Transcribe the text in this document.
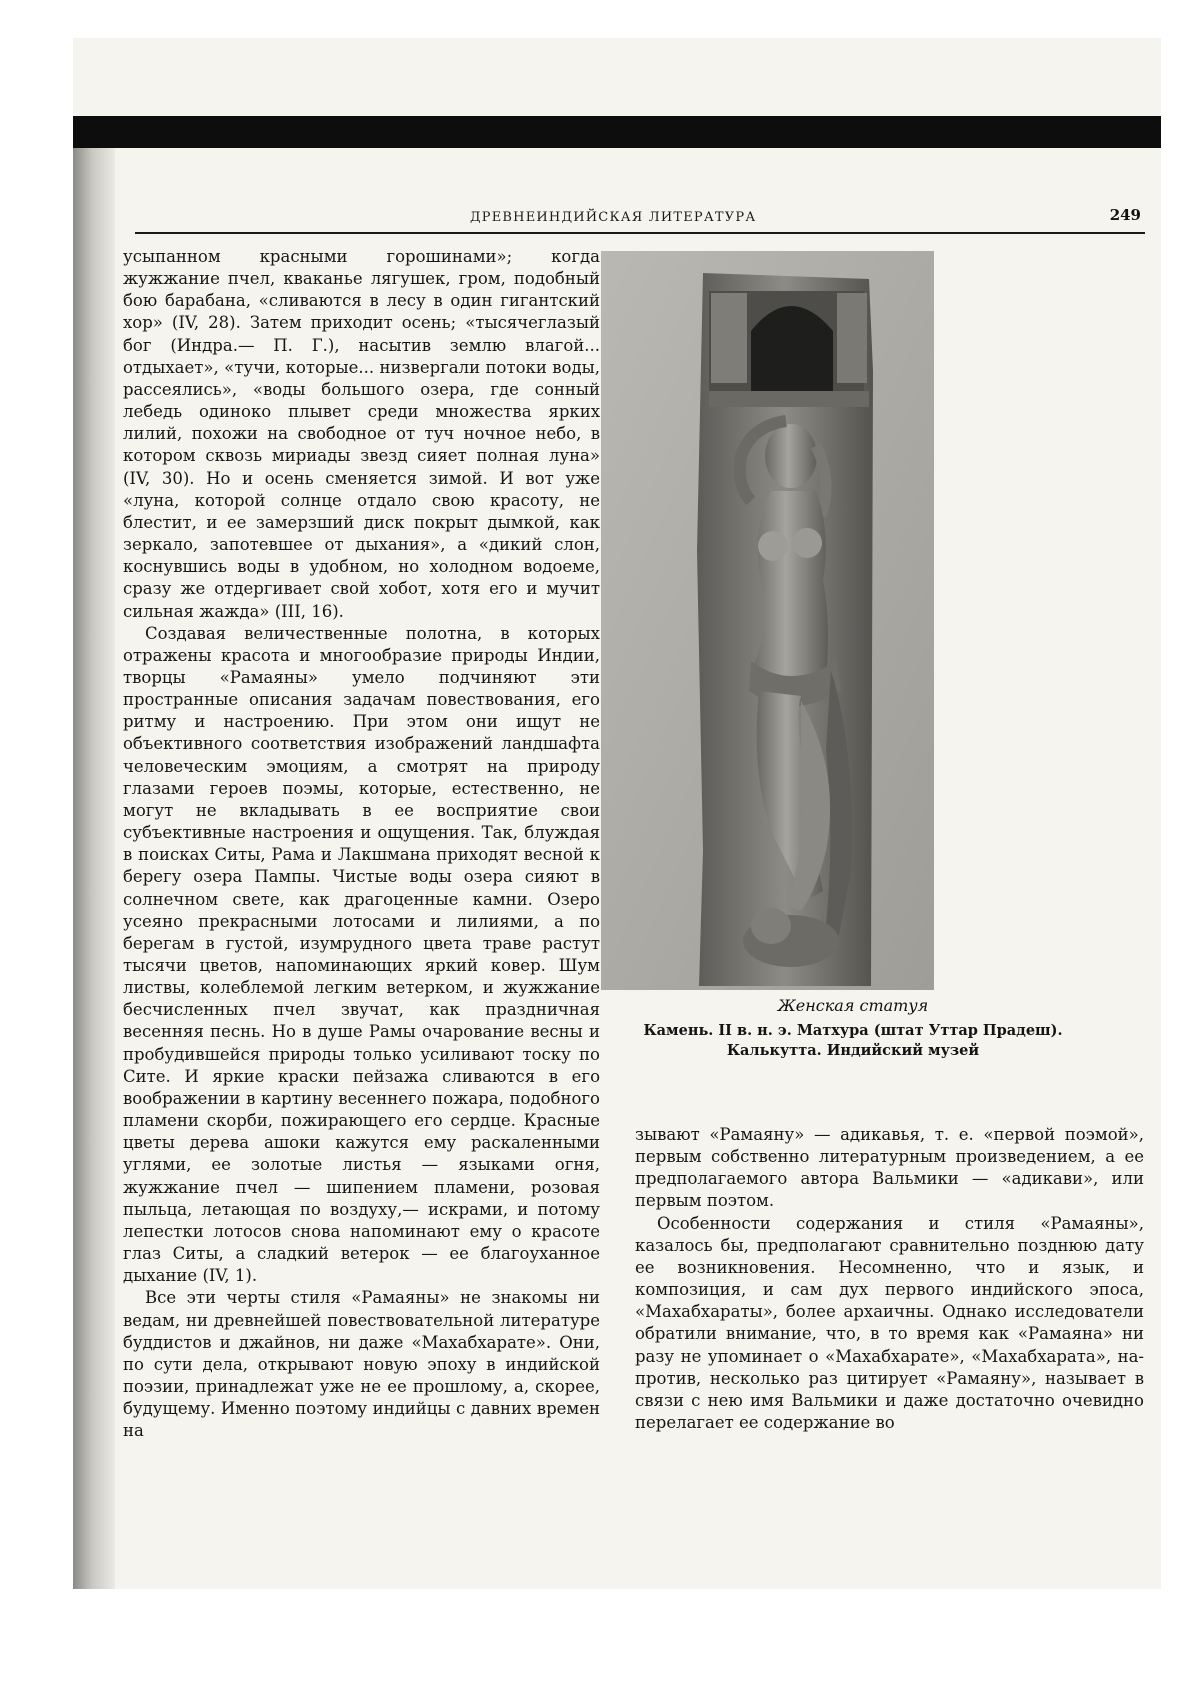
ДРЕВНЕИНДИЙСКАЯ ЛИТЕРАТУРА	249

усыпанном красными горошинами»; когда жужжание пчел, кваканье лягушек, гром, подобный бою барабана, «сливаются в лесу в один гигантский хор» (IV, 28). Затем приходит осень; «тысячеглазый бог (Индра.— П. Г.), насытив землю влагой... отдыхает», «тучи, которые... низвергали потоки воды, рассеялись», «воды большого озера, где сонный лебедь одиноко плывет среди множества ярких лилий, похожи на свободное от туч ночное небо, в котором сквозь мириады звезд сияет полная луна» (IV, 30). Но и осень сменяется зимой. И вот уже «луна, которой солнце отдало свою красоту, не блестит, и ее замерзший диск покрыт дымкой, как зеркало, запотевшее от дыхания», а «дикий слон, коснувшись воды в удобном, но холодном водоеме, сразу же отдергивает свой хобот, хотя его и мучит сильная жажда» (III, 16).

Создавая величественные полотна, в которых отражены красота и многообразие природы Индии, творцы «Рамаяны» умело подчиняют эти пространные описания задачам повествования, его ритму и настроению. При этом они ищут не объективного соответствия изображений ландшафта человеческим эмоциям, а смотрят на природу глазами героев поэмы, которые, естественно, не могут не вкладывать в ее восприятие свои субъективные настроения и ощущения. Так, блуждая в поисках Ситы, Рама и Лакшмана приходят весной к берегу озера Пампы. Чистые воды озера сияют в солнечном свете, как драгоценные камни. Озеро усеяно прекрасными лотосами и лилиями, а по берегам в густой, изумрудного цвета траве растут тысячи цветов, напоминающих яркий ковер. Шум листвы, колеблемой легким ветерком, и жужжание бесчисленных пчел звучат, как праздничная весенняя песнь. Но в душе Рамы очарование весны и пробудившейся природы только усиливают тоску по Сите. И яркие краски пейзажа сливаются в его воображении в картину весеннего пожара, подобного пламени скорби, пожирающего его сердце. Красные цветы дерева ашоки кажутся ему раскаленными углями, ее золотые листья — языками огня, жужжание пчел — шипением пламени, розовая пыльца, летающая по воздуху,— искрами, и потому лепестки лотосов снова напоминают ему о красоте глаз Ситы, а сладкий ветерок — ее благоуханное дыхание (IV, 1).

Все эти черты стиля «Рамаяны» не знакомы ни ведам, ни древнейшей повествовательной литературе буддистов и джайнов, ни даже «Махабхарате». Они, по сути дела, открывают новую эпоху в индийской поэзии, принадлежат уже не ее прошлому, а, скорее, будущему. Именно поэтому индийцы с давних времен на

Женская статуя
Камень. II в. н. э. Матхура (штат Уттар Прадеш).
Калькутта. Индийский музей

зывают «Рамаяну» — адикавья, т. е. «первой поэмой», первым собственно литературным произведением, а ее предполагаемого автора Вальмики — «адикави», или первым поэтом.

Особенности содержания и стиля «Рамаяны», казалось бы, предполагают сравнительно позднюю дату ее возникновения. Несомненно, что и язык, и композиция, и сам дух первого индийского эпоса, «Махабхараты», более архаичны. Однако исследователи обратили внимание, что, в то время как «Рамаяна» ни разу не упоминает о «Махабхарате», «Махабхарата», напротив, несколько раз цитирует «Рамаяну», называет в связи с нею имя Вальмики и даже достаточно очевидно перелагает ее содержание во
